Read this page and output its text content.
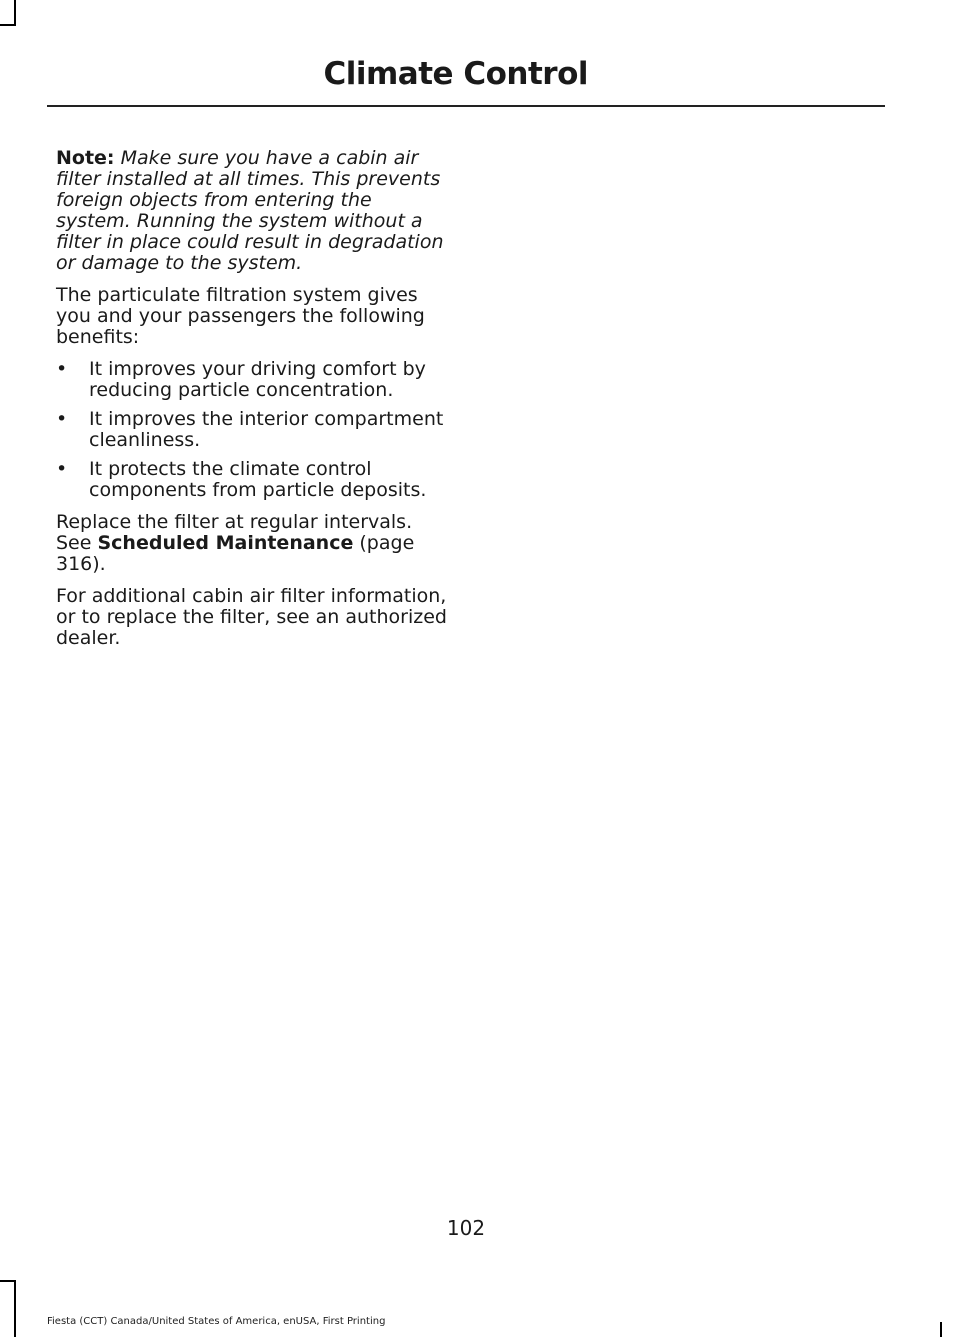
Climate Control

Note: Make sure you have a cabin air filter installed at all times. This prevents foreign objects from entering the system. Running the system without a filter in place could result in degradation or damage to the system.

The particulate filtration system gives you and your passengers the following benefits:

• It improves your driving comfort by reducing particle concentration.
• It improves the interior compartment cleanliness.
• It protects the climate control components from particle deposits.

Replace the filter at regular intervals. See Scheduled Maintenance (page 316).

For additional cabin air filter information, or to replace the filter, see an authorized dealer.

102
Fiesta (CCT) Canada/United States of America, enUSA, First Printing
